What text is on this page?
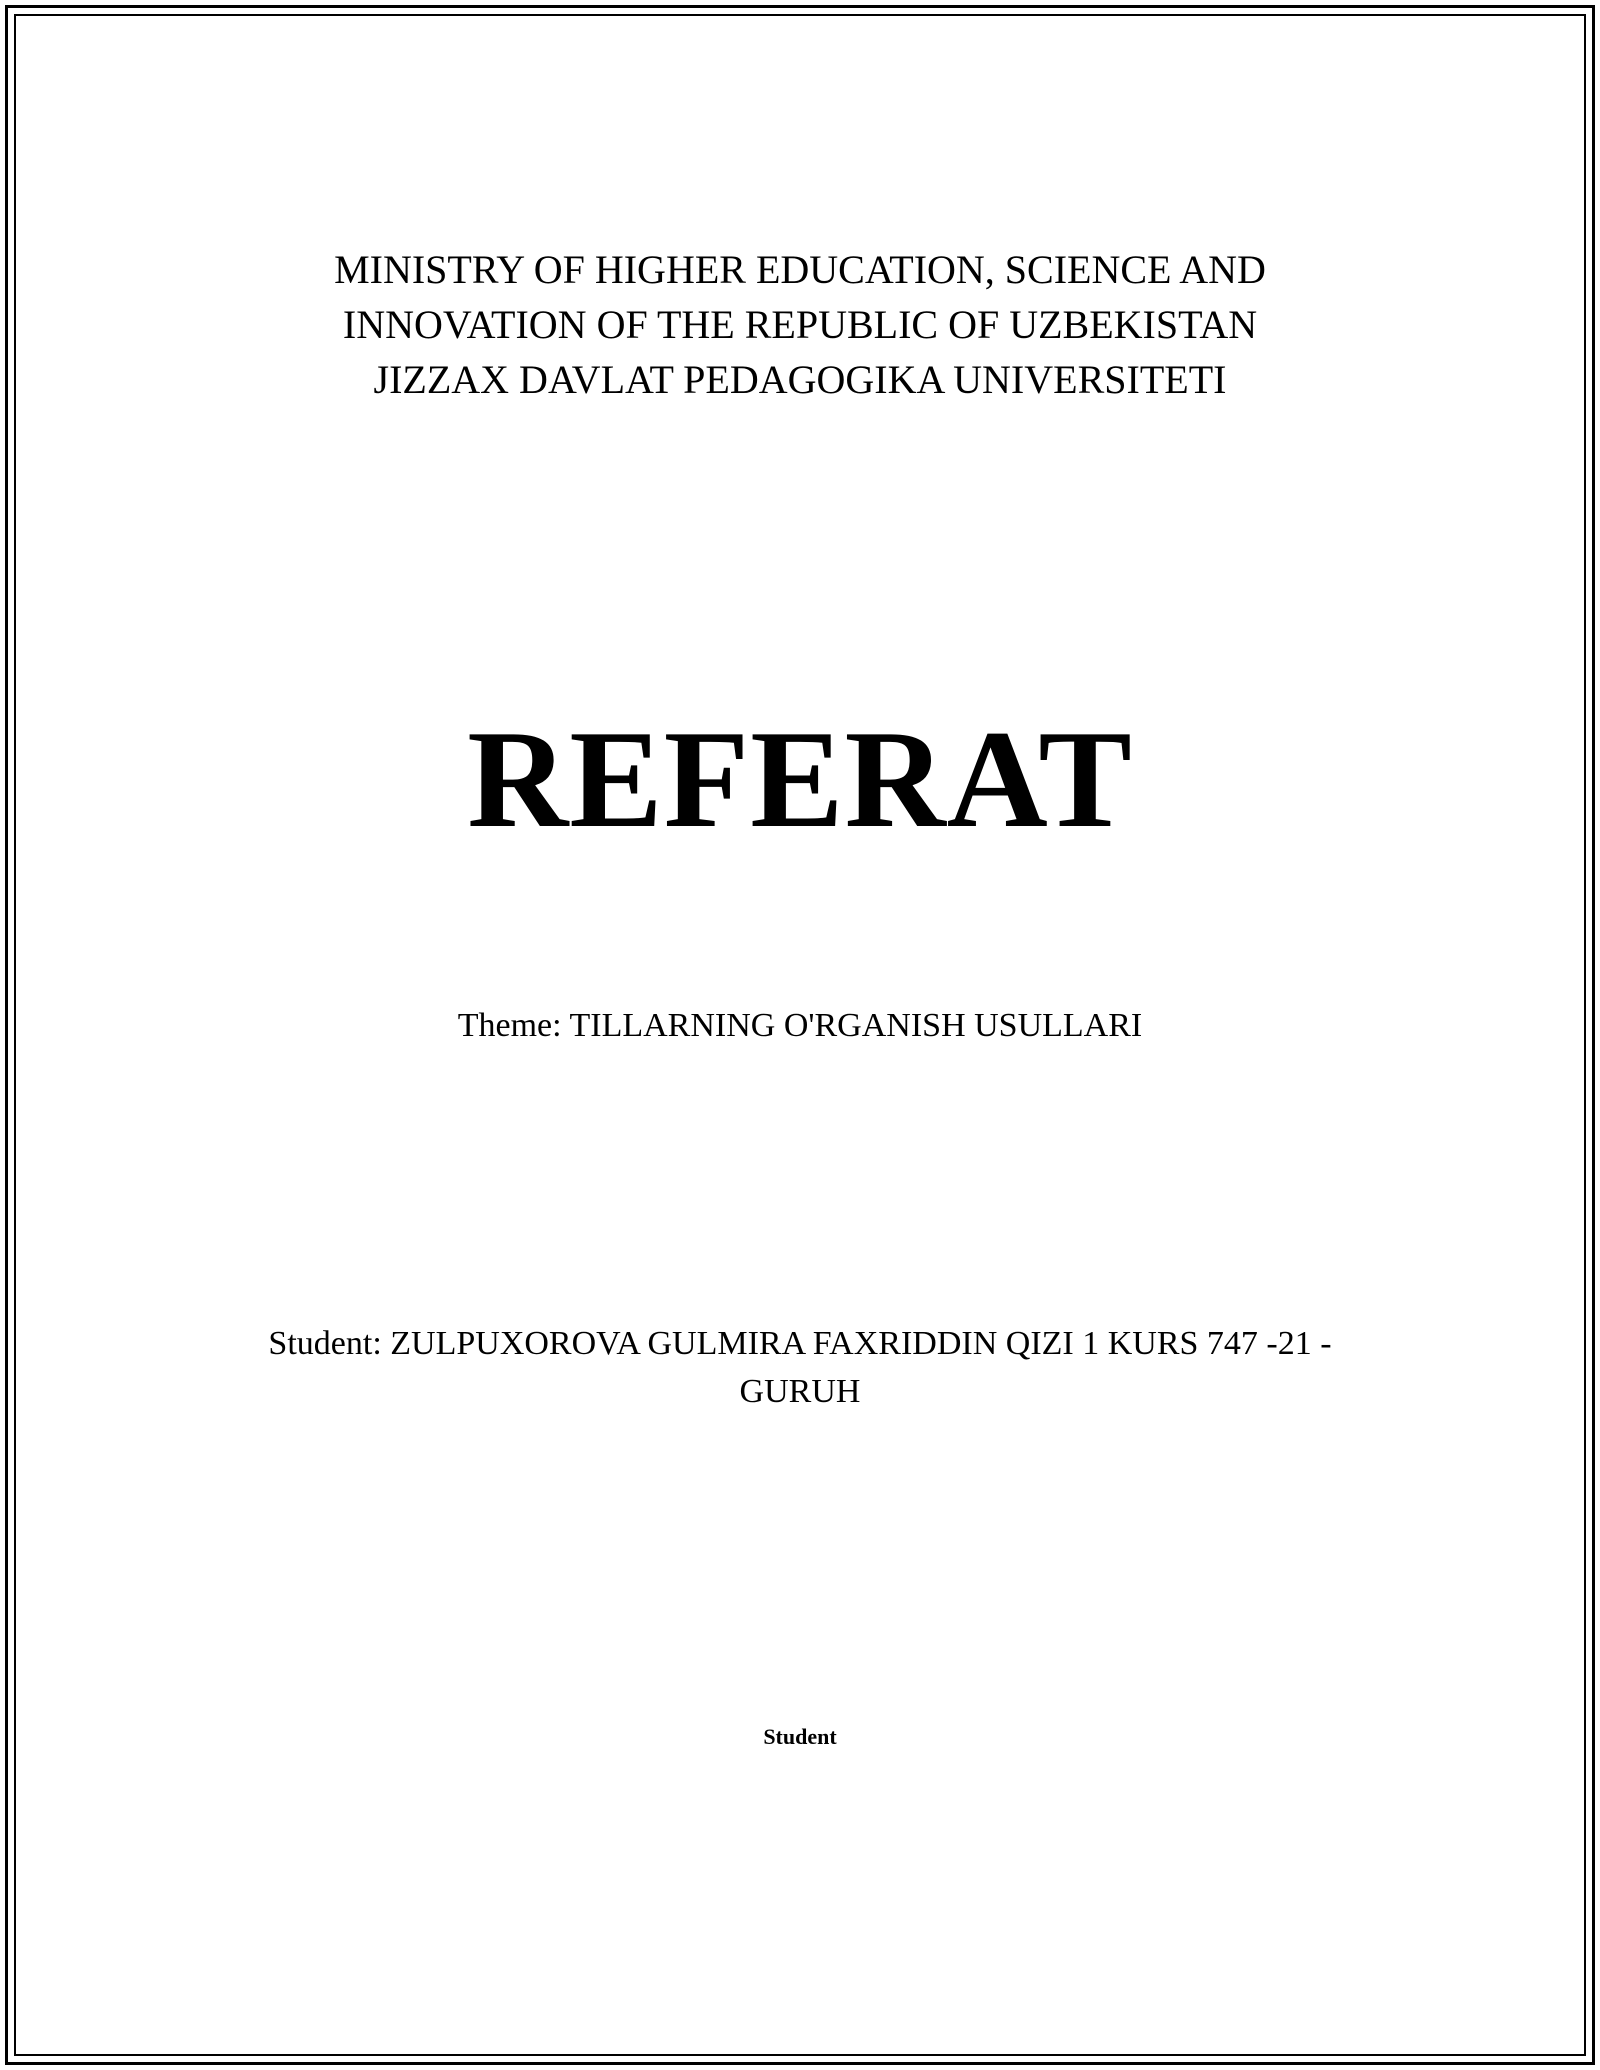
MINISTRY OF HIGHER EDUCATION, SCIENCE AND
INNOVATION OF THE REPUBLIC OF UZBEKISTAN
JIZZAX DAVLAT PEDAGOGIKA UNIVERSITETI
REFERAT
Theme: TILLARNING O'RGANISH USULLARI
Student: ZULPUXOROVA GULMIRA FAXRIDDIN QIZI 1 KURS 747 -21 -GURUH
Student
